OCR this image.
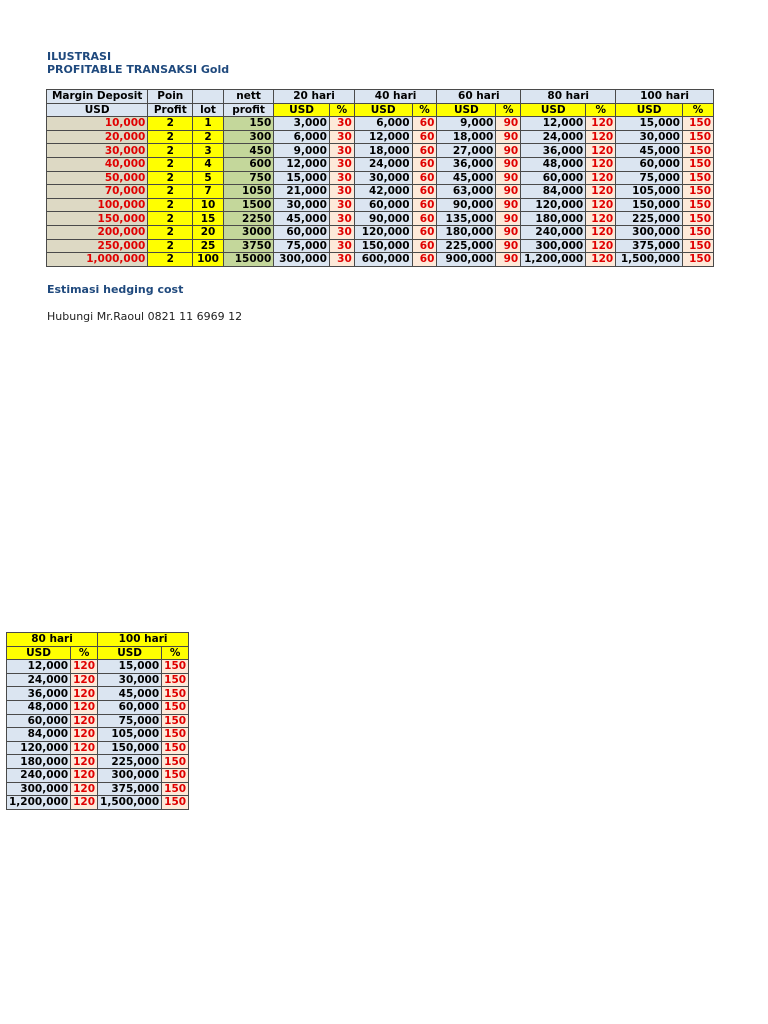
ILUSTRASI
PROFITABLE TRANSAKSI Gold
Margin Deposit	Poin		nett	20 hari		40 hari		60 hari		80 hari		100 hari	
USD	Profit	lot	profit	USD	%	USD	%	USD	%	USD	%	USD	%
10,000	2	1	150	3,000	30	6,000	60	9,000	90	12,000	120	15,000	150
20,000	2	2	300	6,000	30	12,000	60	18,000	90	24,000	120	30,000	150
30,000	2	3	450	9,000	30	18,000	60	27,000	90	36,000	120	45,000	150
40,000	2	4	600	12,000	30	24,000	60	36,000	90	48,000	120	60,000	150
50,000	2	5	750	15,000	30	30,000	60	45,000	90	60,000	120	75,000	150
70,000	2	7	1050	21,000	30	42,000	60	63,000	90	84,000	120	105,000	150
100,000	2	10	1500	30,000	30	60,000	60	90,000	90	120,000	120	150,000	150
150,000	2	15	2250	45,000	30	90,000	60	135,000	90	180,000	120	225,000	150
200,000	2	20	3000	60,000	30	120,000	60	180,000	90	240,000	120	300,000	150
250,000	2	25	3750	75,000	30	150,000	60	225,000	90	300,000	120	375,000	150
1,000,000	2	100	15000	300,000	30	600,000	60	900,000	90	1,200,000	120	1,500,000	150
Estimasi hedging cost
Hubungi Mr.Raoul 0821 11 6969 12
80 hari		100 hari	
USD	%	USD	%
12,000	120	15,000	150
24,000	120	30,000	150
36,000	120	45,000	150
48,000	120	60,000	150
60,000	120	75,000	150
84,000	120	105,000	150
120,000	120	150,000	150
180,000	120	225,000	150
240,000	120	300,000	150
300,000	120	375,000	150
1,200,000	120	1,500,000	150
